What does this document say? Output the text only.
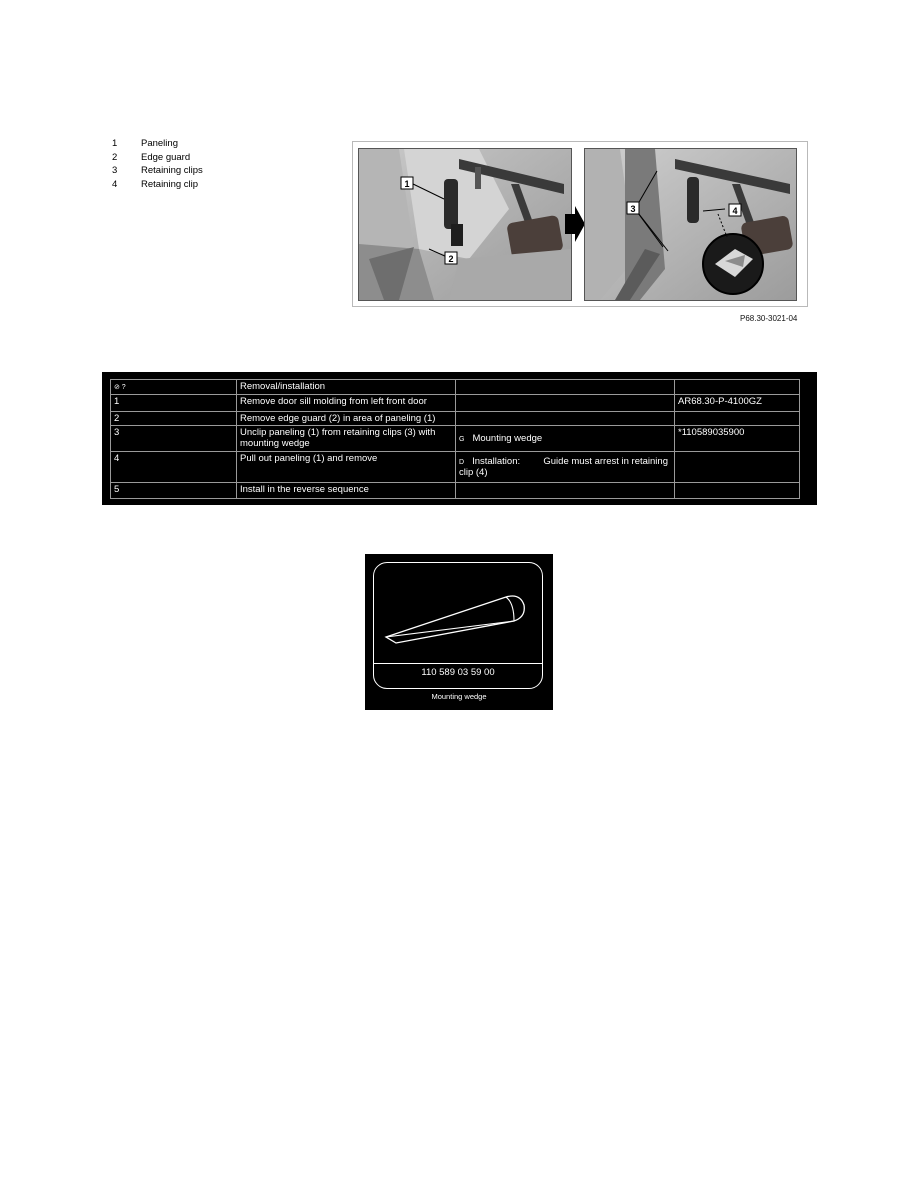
1	Paneling
2	Edge guard
3	Retaining clips
4	Retaining clip	1
2
3	4
P68.30-3021-04
⊘ ?	Removal/installation		
1	Remove door sill molding from left front door		AR68.30-P-4100GZ
2	Remove edge guard (2) in area of paneling (1)		
3	Unclip paneling (1) from retaining clips (3) with mounting wedge	G Mounting wedge	*110589035900
4	Pull out paneling (1) and remove	D Installation: Guide must arrest in retaining
clip (4)	

5	Install in the reverse sequence		
110 589 03 59 00
Mounting wedge
